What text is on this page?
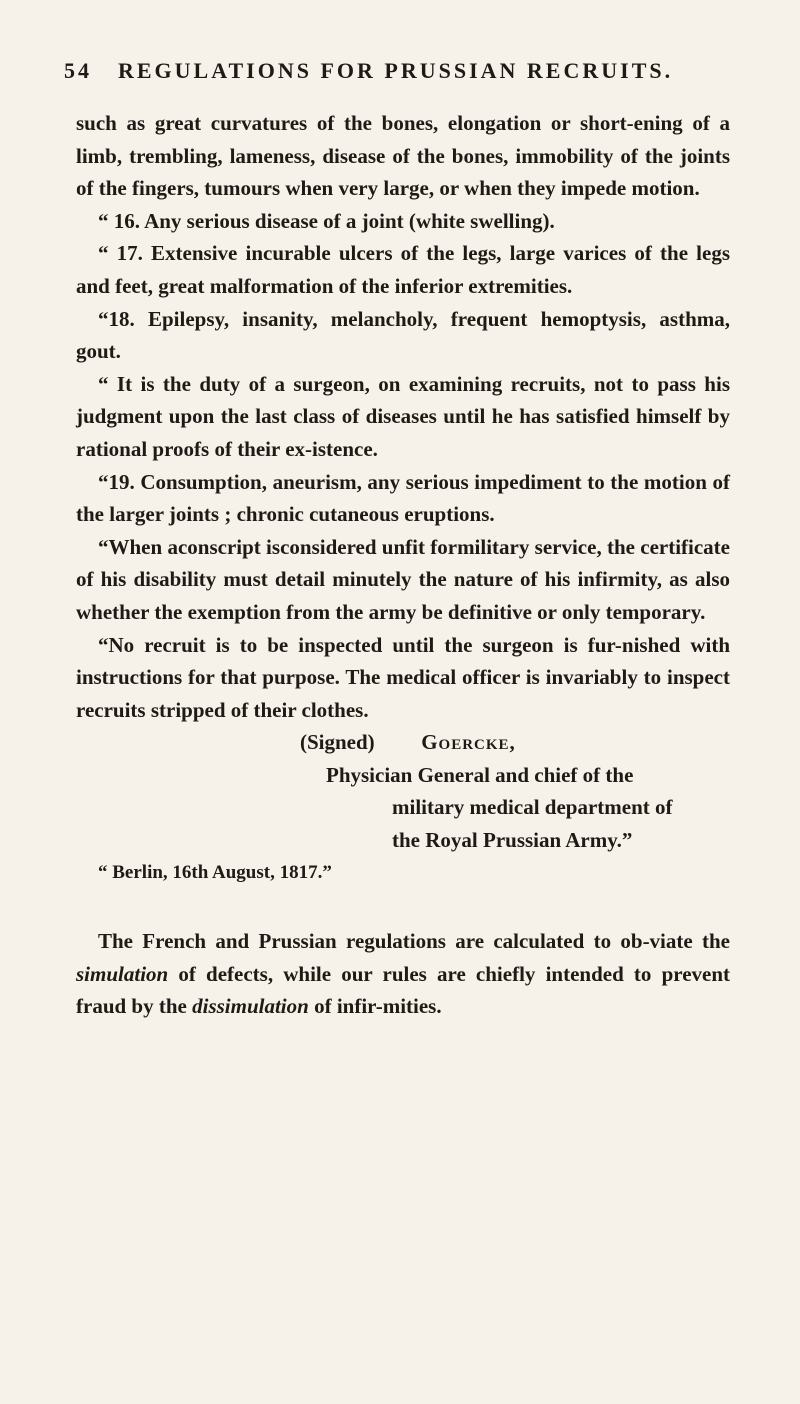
54 REGULATIONS FOR PRUSSIAN RECRUITS.

such as great curvatures of the bones, elongation or short-ening of a limb, trembling, lameness, disease of the bones, immobility of the joints of the fingers, tumours when very large, or when they impede motion.

“ 16. Any serious disease of a joint (white swelling).

“ 17. Extensive incurable ulcers of the legs, large varices of the legs and feet, great malformation of the inferior extremities.

“18. Epilepsy, insanity, melancholy, frequent hemoptysis, asthma, gout.

“ It is the duty of a surgeon, on examining recruits, not to pass his judgment upon the last class of diseases until he has satisfied himself by rational proofs of their ex-istence.

“19. Consumption, aneurism, any serious impediment to the motion of the larger joints ; chronic cutaneous eruptions.

“When aconscript isconsidered unfit formilitary service, the certificate of his disability must detail minutely the nature of his infirmity, as also whether the exemption from the army be definitive or only temporary.

“No recruit is to be inspected until the surgeon is fur-nished with instructions for that purpose. The medical officer is invariably to inspect recruits stripped of their clothes.

(Signed) Goercke,
Physician General and chief of the
military medical department of
the Royal Prussian Army.”

“ Berlin, 16th August, 1817.”

The French and Prussian regulations are calculated to ob-viate the simulation of defects, while our rules are chiefly intended to prevent fraud by the dissimulation of infir-mities.
